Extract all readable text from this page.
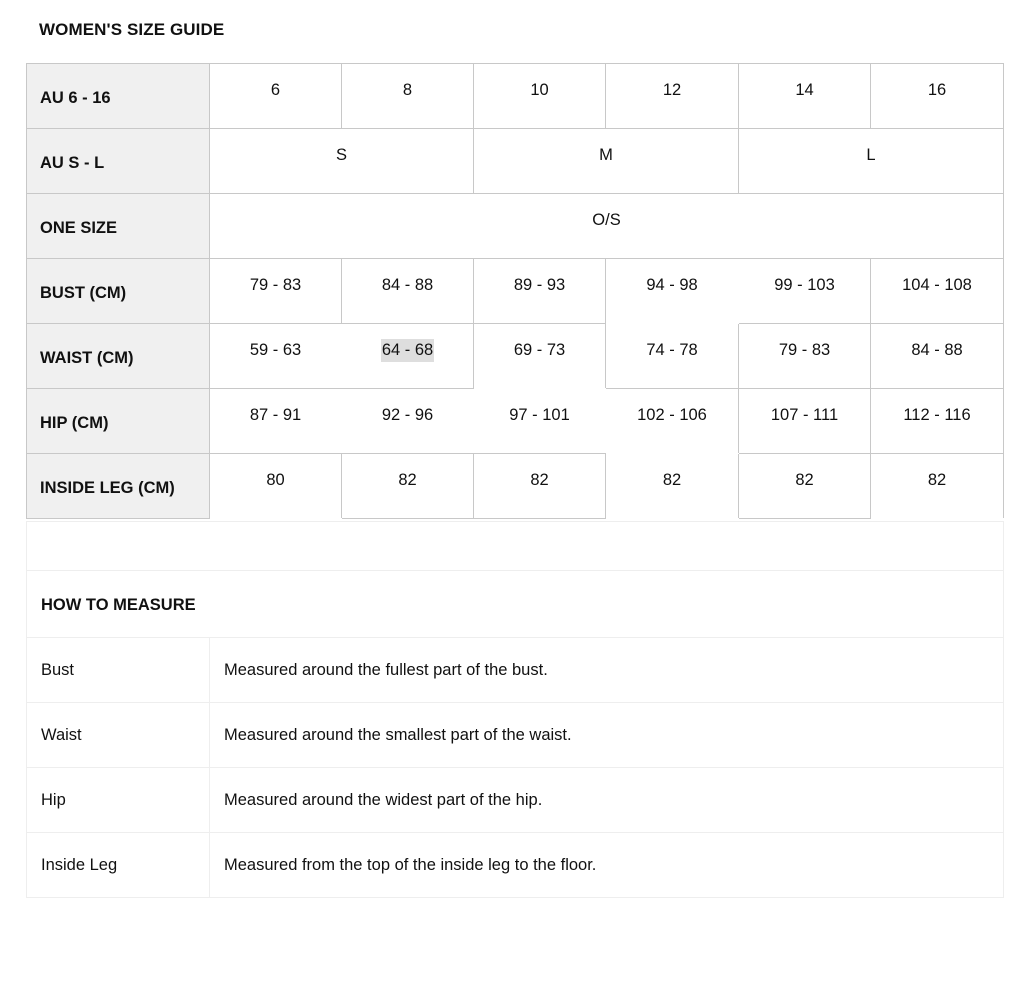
WOMEN'S SIZE GUIDE
AU 6 - 16	6	8	10	12	14	16
AU S - L	S		M		L	
ONE SIZE	O/S					
BUST (CM)	79 - 83	84 - 88	89 - 93	94 - 98	99 - 103	104 - 108
WAIST (CM)	59 - 63	64 - 68	69 - 73	74 - 78	79 - 83	84 - 88
HIP (CM)	87 - 91	92 - 96	97 - 101	102 - 106	107 - 111	112 - 116
INSIDE LEG (CM)	80	82	82	82	82	82

HOW TO MEASURE	
Bust	Measured around the fullest part of the bust.
Waist	Measured around the smallest part of the waist.
Hip	Measured around the widest part of the hip.
Inside Leg	Measured from the top of the inside leg to the floor.
